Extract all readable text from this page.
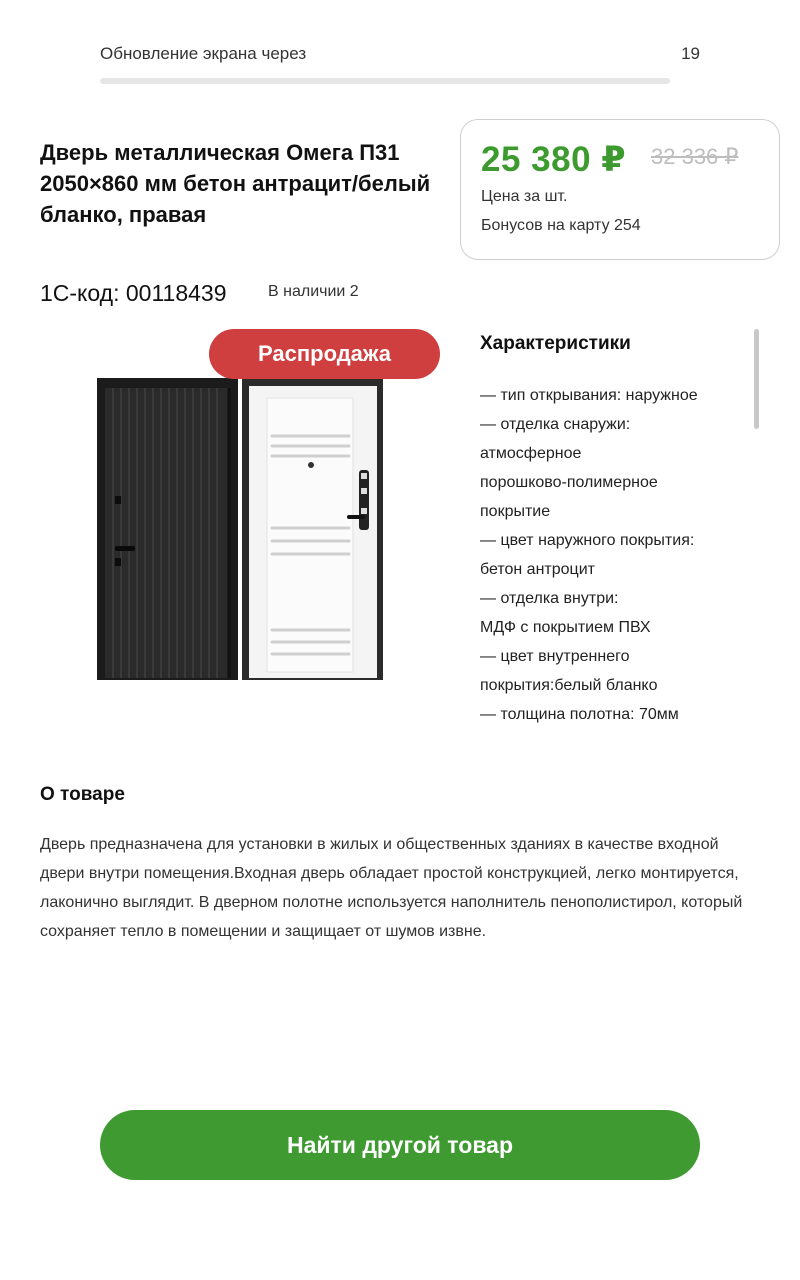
Обновление экрана через	19
Дверь металлическая Омега П31 2050×860 мм бетон антрацит/белый бланко, правая
25 380 ₽ 32 336 ₽
Цена за шт.
Бонусов на карту 254
1С-код: 00118439	В наличии 2
Распродажа	Характеристики
— тип открывания: наружное
— отделка снаружи:
атмосферное
порошково-полимерное
покрытие
— цвет наружного покрытия:
бетон антроцит
— отделка внутри:
МДФ с покрытием ПВХ
— цвет внутреннего
покрытия:белый бланко
— толщина полотна: 70мм
О товаре

Дверь предназначена для установки в жилых и общественных зданиях в качестве входной двери внутри помещения.Входная дверь обладает простой конструкцией, легко монтируется, лаконично выглядит. В дверном полотне используется наполнитель пенополистирол, который сохраняет тепло в помещении и защищает от шумов извне.

Найти другой товар
